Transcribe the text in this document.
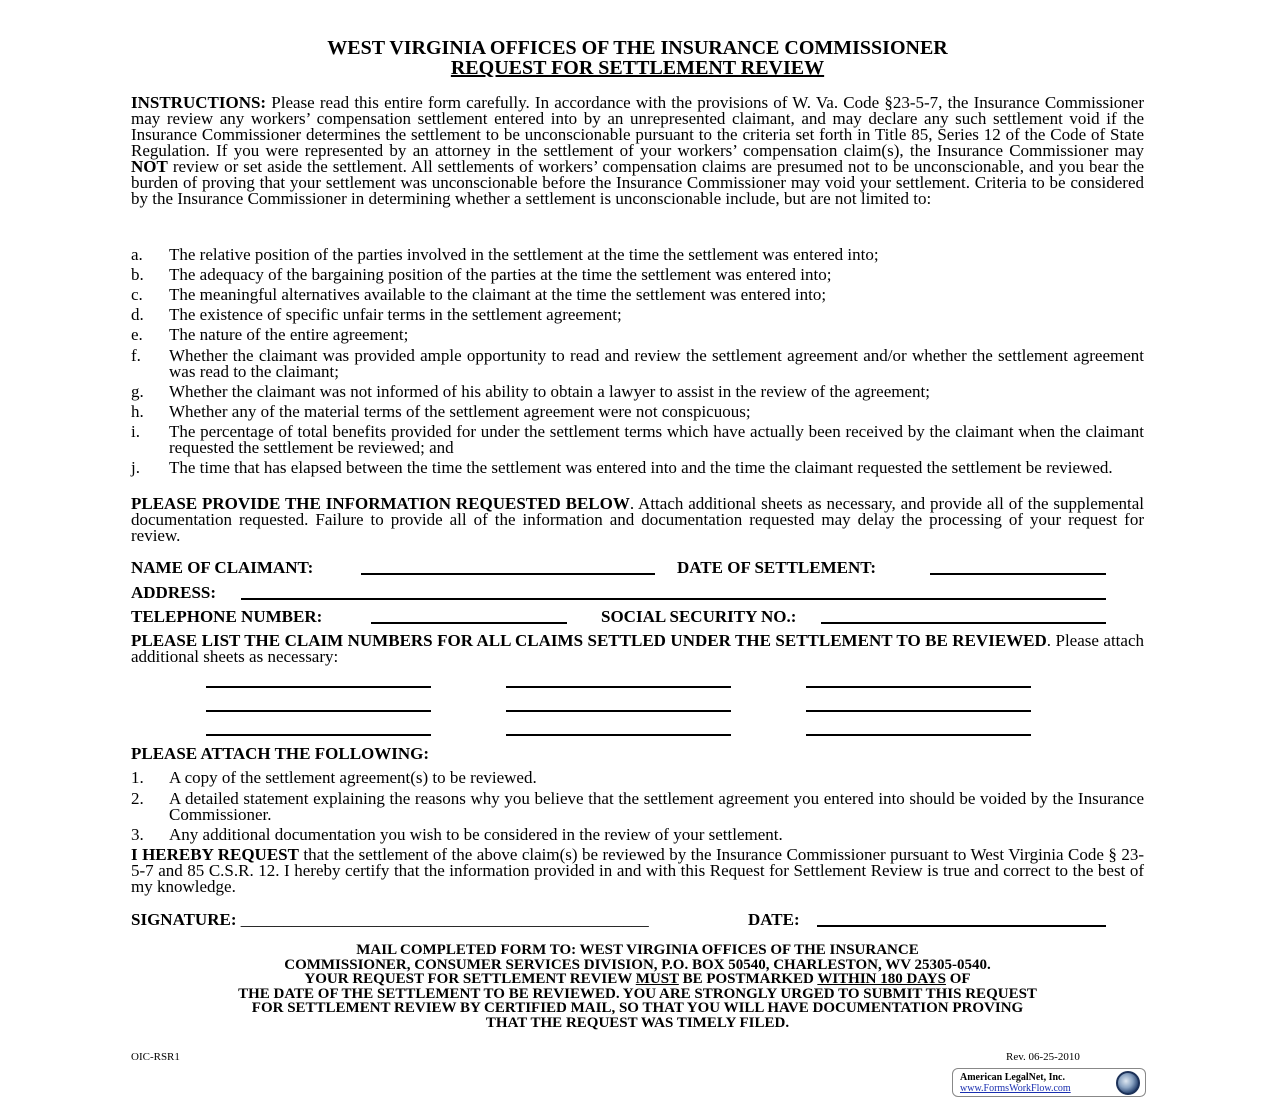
WEST VIRGINIA OFFICES OF THE INSURANCE COMMISSIONER
REQUEST FOR SETTLEMENT REVIEW
INSTRUCTIONS: Please read this entire form carefully. In accordance with the provisions of W. Va. Code §23-5-7, the Insurance Commissioner may review any workers’ compensation settlement entered into by an unrepresented claimant, and may declare any such settlement void if the Insurance Commissioner determines the settlement to be unconscionable pursuant to the criteria set forth in Title 85, Series 12 of the Code of State Regulation. If you were represented by an attorney in the settlement of your workers’ compensation claim(s), the Insurance Commissioner may NOT review or set aside the settlement. All settlements of workers’ compensation claims are presumed not to be unconscionable, and you bear the burden of proving that your settlement was unconscionable before the Insurance Commissioner may void your settlement. Criteria to be considered by the Insurance Commissioner in determining whether a settlement is unconscionable include, but are not limited to:
a. The relative position of the parties involved in the settlement at the time the settlement was entered into;
b. The adequacy of the bargaining position of the parties at the time the settlement was entered into;
c. The meaningful alternatives available to the claimant at the time the settlement was entered into;
d. The existence of specific unfair terms in the settlement agreement;
e. The nature of the entire agreement;
f. Whether the claimant was provided ample opportunity to read and review the settlement agreement and/or whether the settlement agreement was read to the claimant;
g. Whether the claimant was not informed of his ability to obtain a lawyer to assist in the review of the agreement;
h. Whether any of the material terms of the settlement agreement were not conspicuous;
i. The percentage of total benefits provided for under the settlement terms which have actually been received by the claimant when the claimant requested the settlement be reviewed; and
j. The time that has elapsed between the time the settlement was entered into and the time the claimant requested the settlement be reviewed.
PLEASE PROVIDE THE INFORMATION REQUESTED BELOW. Attach additional sheets as necessary, and provide all of the supplemental documentation requested. Failure to provide all of the information and documentation requested may delay the processing of your request for review.
NAME OF CLAIMANT:	DATE OF SETTLEMENT:
ADDRESS:
TELEPHONE NUMBER:	SOCIAL SECURITY NO.:
PLEASE LIST THE CLAIM NUMBERS FOR ALL CLAIMS SETTLED UNDER THE SETTLEMENT TO BE REVIEWED. Please attach additional sheets as necessary:
PLEASE ATTACH THE FOLLOWING:
1. A copy of the settlement agreement(s) to be reviewed.
2. A detailed statement explaining the reasons why you believe that the settlement agreement you entered into should be voided by the Insurance Commissioner.
3. Any additional documentation you wish to be considered in the review of your settlement.
I HEREBY REQUEST that the settlement of the above claim(s) be reviewed by the Insurance Commissioner pursuant to West Virginia Code § 23-5-7 and 85 C.S.R. 12. I hereby certify that the information provided in and with this Request for Settlement Review is true and correct to the best of my knowledge.
SIGNATURE: ________________________________________________	DATE:
MAIL COMPLETED FORM TO: WEST VIRGINIA OFFICES OF THE INSURANCE
COMMISSIONER, CONSUMER SERVICES DIVISION, P.O. BOX 50540, CHARLESTON, WV 25305-0540.
YOUR REQUEST FOR SETTLEMENT REVIEW MUST BE POSTMARKED WITHIN 180 DAYS OF
THE DATE OF THE SETTLEMENT TO BE REVIEWED. YOU ARE STRONGLY URGED TO SUBMIT THIS REQUEST
FOR SETTLEMENT REVIEW BY CERTIFIED MAIL, SO THAT YOU WILL HAVE DOCUMENTATION PROVING
THAT THE REQUEST WAS TIMELY FILED.
OIC-RSR1	Rev. 06-25-2010
American LegalNet, Inc.
www.FormsWorkFlow.com
